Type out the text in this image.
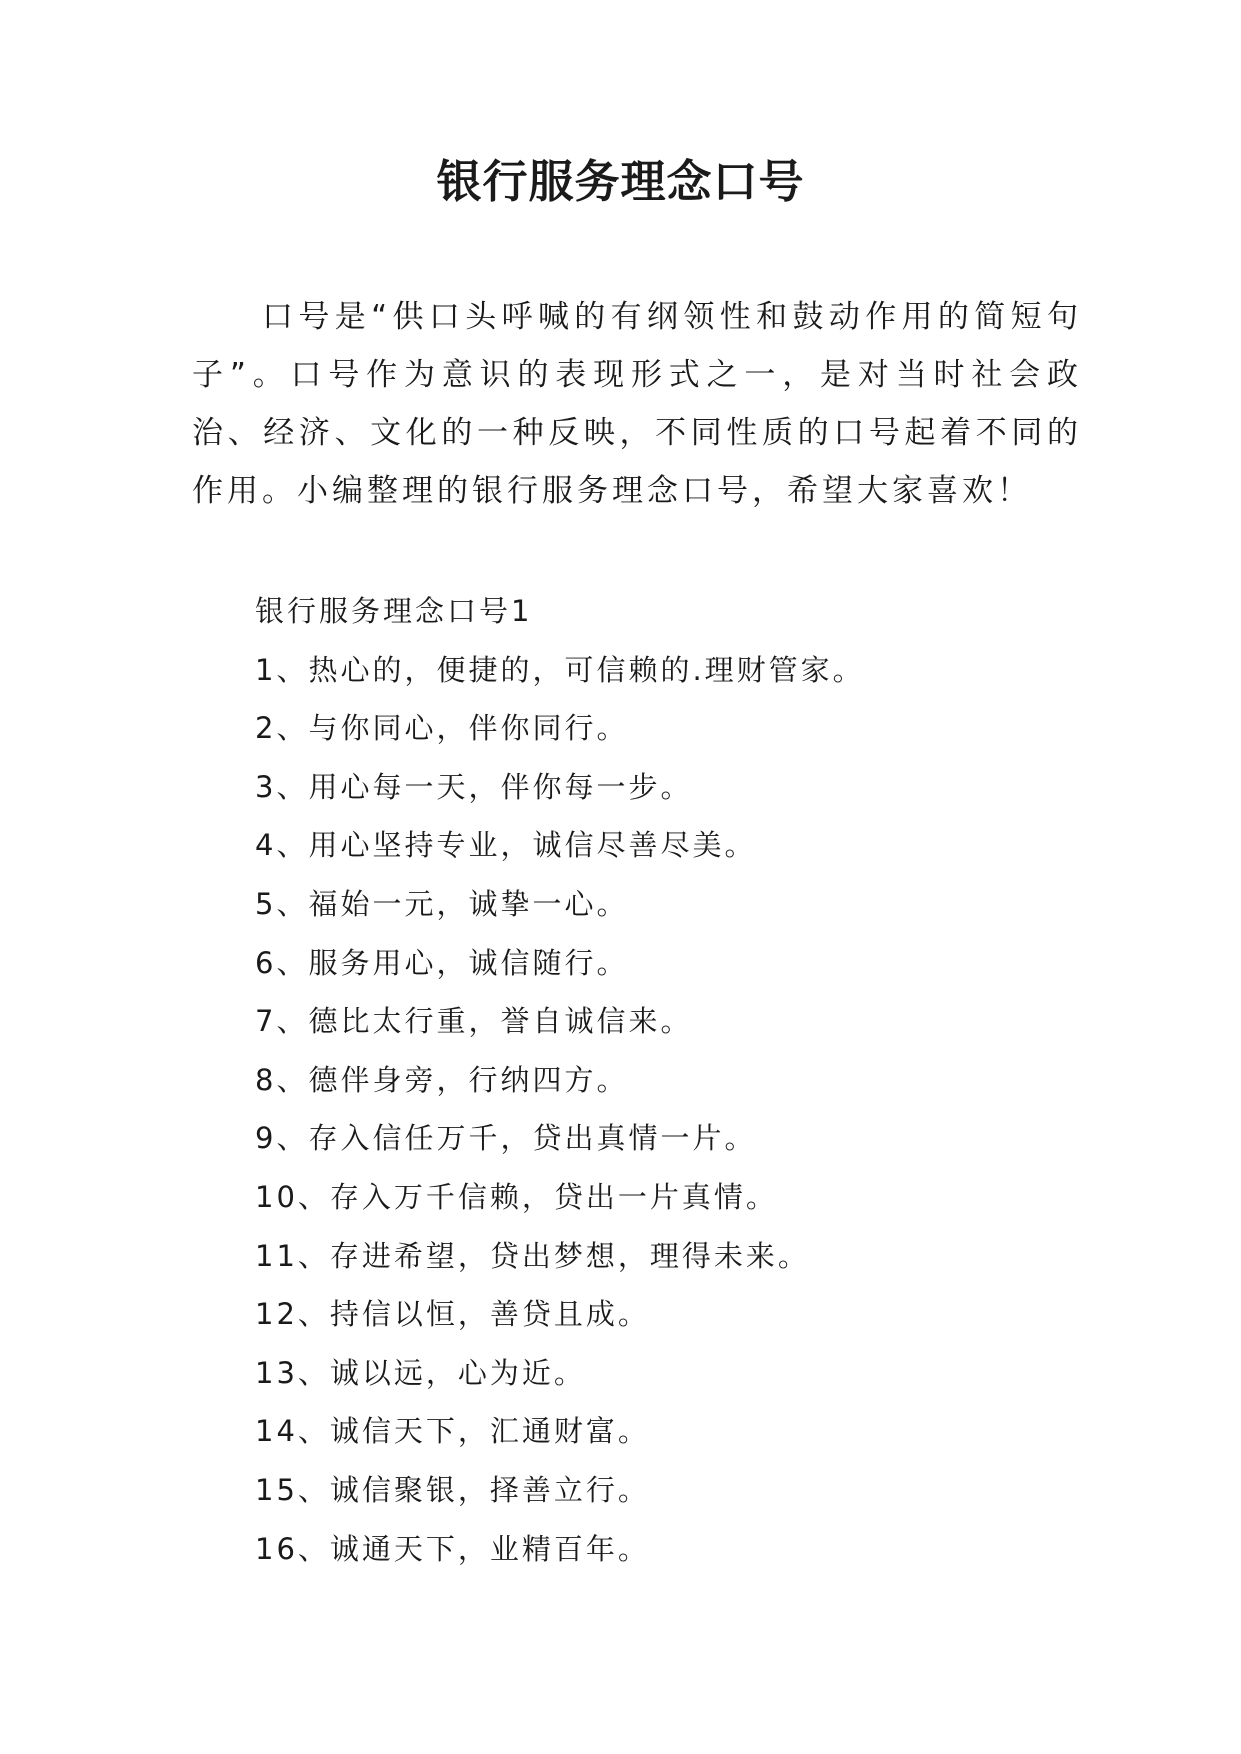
银行服务理念口号

口号是“供口头呼喊的有纲领性和鼓动作用的简短句子”。口号作为意识的表现形式之一，是对当时社会政治、经济、文化的一种反映，不同性质的口号起着不同的作用。小编整理的银行服务理念口号，希望大家喜欢！

银行服务理念口号1
1、热心的，便捷的，可信赖的.理财管家。
2、与你同心，伴你同行。
3、用心每一天，伴你每一步。
4、用心坚持专业，诚信尽善尽美。
5、福始一元，诚挚一心。
6、服务用心，诚信随行。
7、德比太行重，誉自诚信来。
8、德伴身旁，行纳四方。
9、存入信任万千，贷出真情一片。
10、存入万千信赖，贷出一片真情。
11、存进希望，贷出梦想，理得未来。
12、持信以恒，善贷且成。
13、诚以远，心为近。
14、诚信天下，汇通财富。
15、诚信聚银，择善立行。
16、诚通天下，业精百年。
